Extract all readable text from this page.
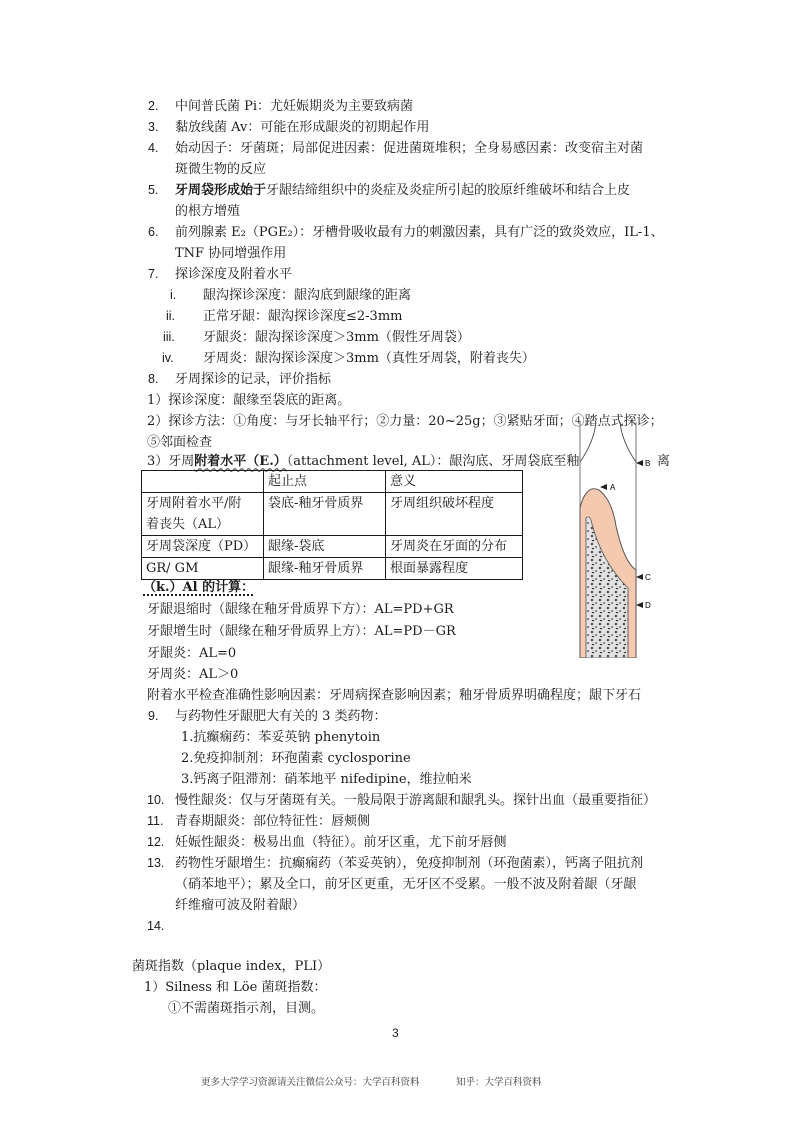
2. 中间普氏菌 Pi：尤妊娠期炎为主要致病菌
3. 黏放线菌 Av：可能在形成龈炎的初期起作用
4. 始动因子：牙菌斑；局部促进因素：促进菌斑堆积；全身易感因素：改变宿主对菌
斑微生物的反应
5. 牙周袋形成始于牙龈结缔组织中的炎症及炎症所引起的胶原纤维破坏和结合上皮
的根方增殖
6. 前列腺素 E₂（PGE₂）：牙槽骨吸收最有力的刺激因素，具有广泛的致炎效应，IL-1、
TNF 协同增强作用
7. 探诊深度及附着水平
i. 龈沟探诊深度：龈沟底到龈缘的距离
ii. 正常牙龈：龈沟探诊深度≤2-3mm
iii. 牙龈炎：龈沟探诊深度＞3mm（假性牙周袋）
iv. 牙周炎：龈沟探诊深度＞3mm（真性牙周袋，附着丧失）
8. 牙周探诊的记录，评价指标
1）探诊深度：龈缘至袋底的距离。
2）探诊方法：①角度：与牙长轴平行；②力量：20~25g；③紧贴牙面；④踏点式探诊；
⑤邻面检查
3）牙周附着水平（E.）（attachment level, AL）：龈沟底、牙周袋底至釉	离
	起止点	意义
牙周附着水平/附
着丧失（AL）	袋底-釉牙骨质界	牙周组织破坏程度
牙周袋深度（PD）	龈缘-袋底	牙周炎在牙面的分布
GR/ GM	龈缘-釉牙骨质界	根面暴露程度
A
B
C
D
（k.）Al 的计算：
牙龈退缩时（龈缘在釉牙骨质界下方）：AL=PD+GR
牙龈增生时（龈缘在釉牙骨质界上方）：AL=PD－GR
牙龈炎：AL=0
牙周炎：AL＞0
附着水平检查准确性影响因素：牙周病探查影响因素；釉牙骨质界明确程度；龈下牙石
9. 与药物性牙龈肥大有关的 3 类药物：
1.抗癫痫药：苯妥英钠 phenytoin
2.免疫抑制剂：环孢菌素 cyclosporine
3.钙离子阻滞剂：硝苯地平 nifedipine，维拉帕米
10. 慢性龈炎：仅与牙菌斑有关。一般局限于游离龈和龈乳头。探针出血（最重要指征）
11. 青春期龈炎：部位特征性：唇颊侧
12. 妊娠性龈炎：极易出血（特征）。前牙区重，尤下前牙唇侧
13. 药物性牙龈增生：抗癫痫药（苯妥英钠），免疫抑制剂（环孢菌素），钙离子阻抗剂
（硝苯地平）；累及全口，前牙区更重，无牙区不受累。一般不波及附着龈（牙龈
纤维瘤可波及附着龈）
14.
菌斑指数（plaque index，PLI）
1）Silness 和 Löe 菌斑指数：
①不需菌斑指示剂，目测。
3
更多大学学习资源请关注微信公众号：大学百科资料	知乎：大学百科资料
